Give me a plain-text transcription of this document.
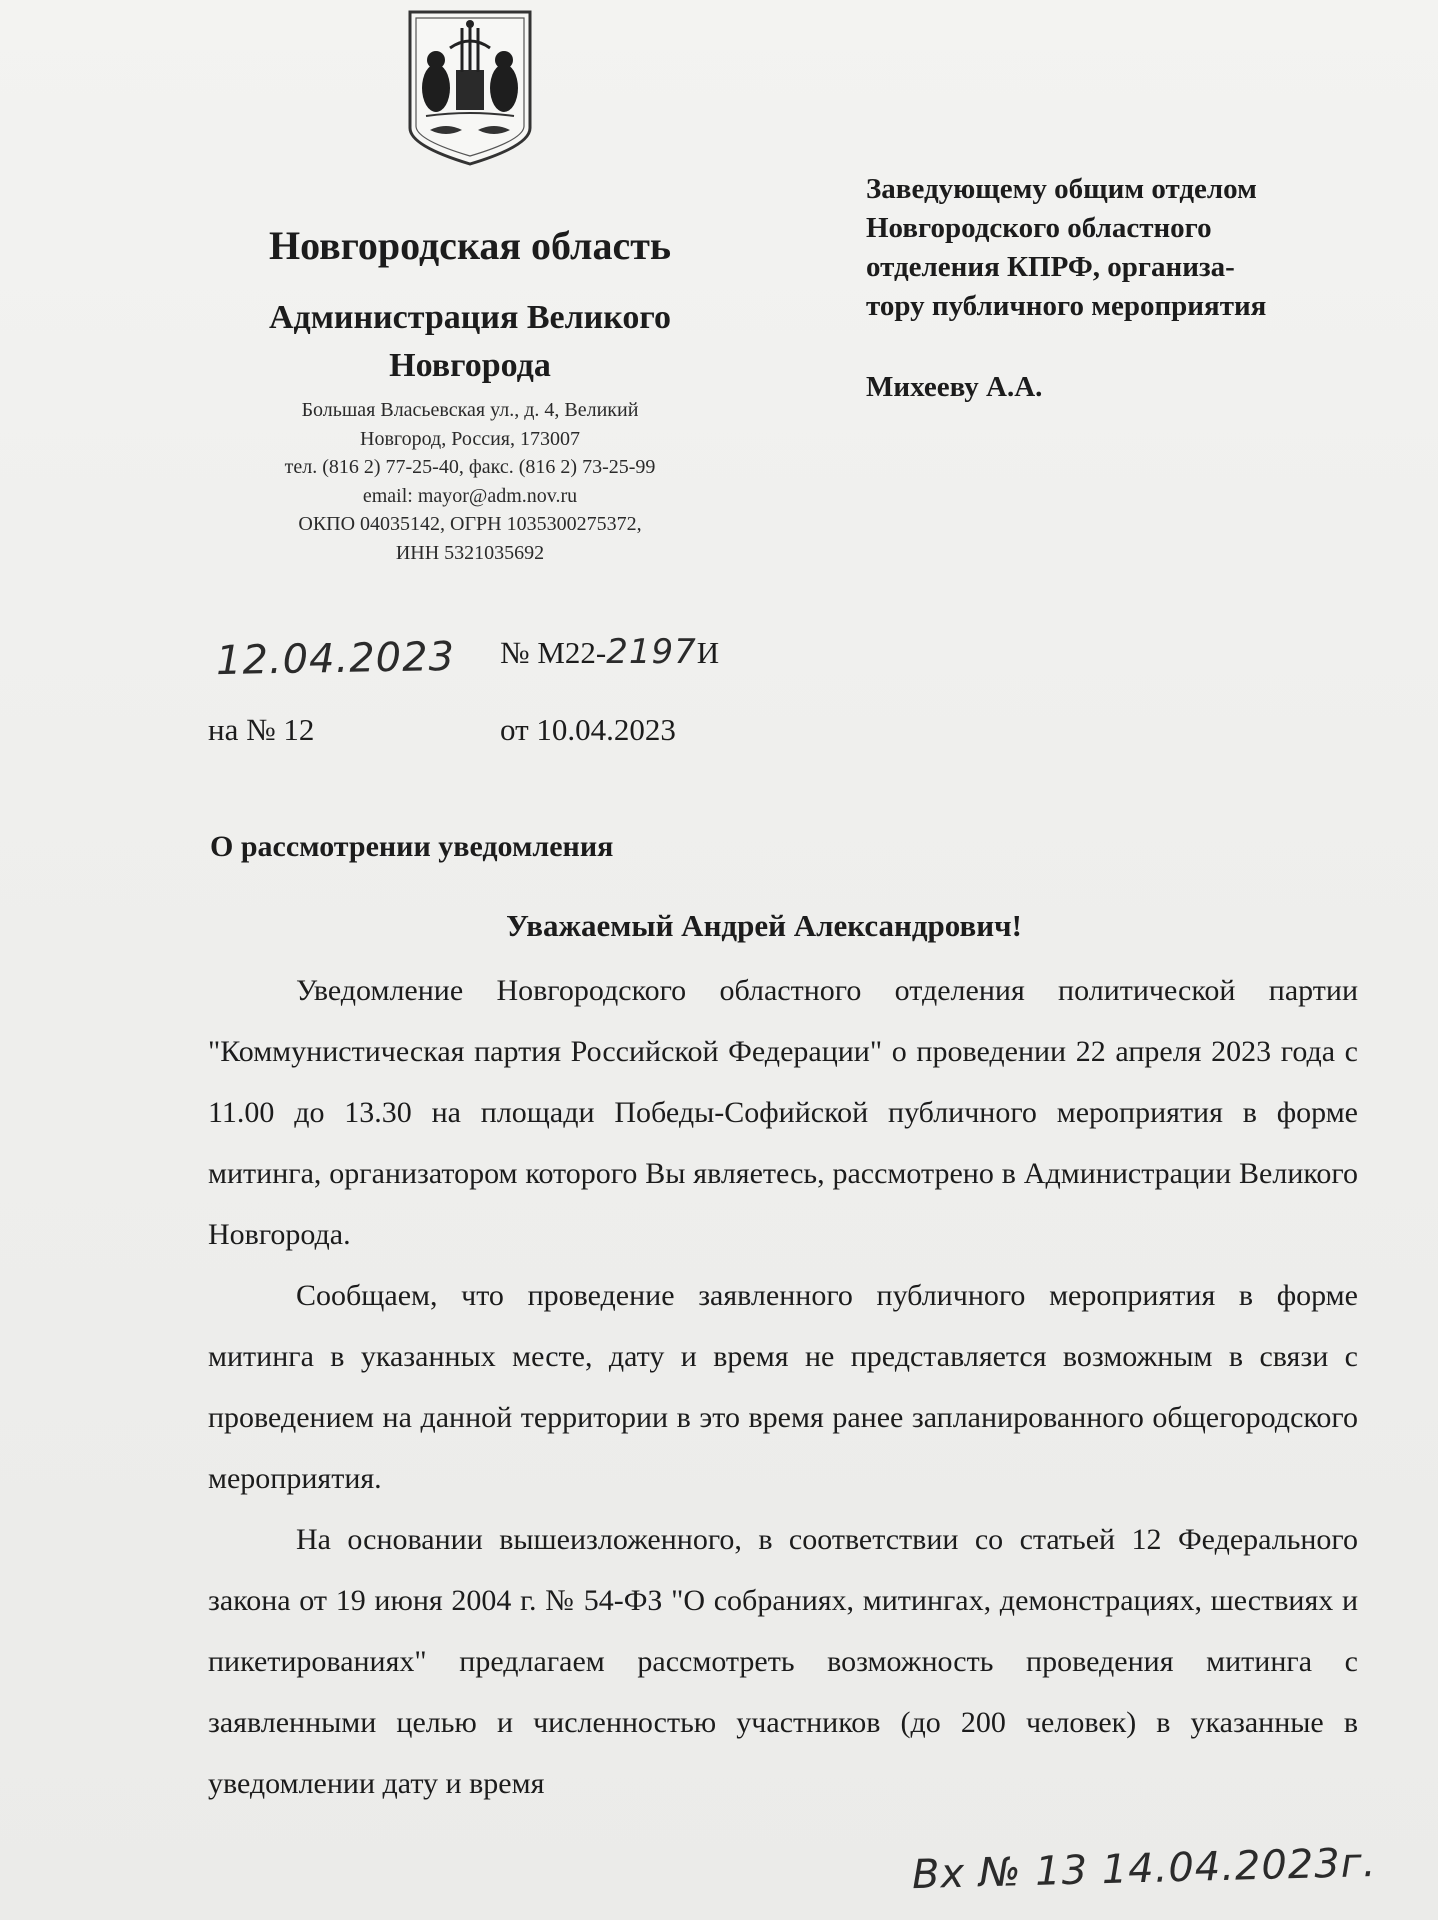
Новгородская область
Администрация Великого
Новгорода
Большая Власьевская ул., д. 4, Великий
Новгород, Россия, 173007
тел. (816 2) 77-25-40, факс. (816 2) 73-25-99
email: mayor@adm.nov.ru
ОКПО 04035142, ОГРН 1035300275372,
ИНН 5321035692
Заведующему общим отделом
Новгородского областного
отделения КПРФ, организа-
тору публичного мероприятия
Михееву А.А.
12.04.2023 № М22-2197И
на № 12	от 10.04.2023
О рассмотрении уведомления
Уважаемый Андрей Александрович!

Уведомление Новгородского областного отделения политической партии "Коммунистическая партия Российской Федерации" о проведении 22 апреля 2023 года с 11.00 до 13.30 на площади Победы-Софийской публичного мероприятия в форме митинга, организатором которого Вы являетесь, рассмотрено в Администрации Великого Новгорода.

Сообщаем, что проведение заявленного публичного мероприятия в форме митинга в указанных месте, дату и время не представляется возможным в связи с проведением на данной территории в это время ранее запланированного общегородского мероприятия.

На основании вышеизложенного, в соответствии со статьей 12 Федерального закона от 19 июня 2004 г. № 54-ФЗ "О собраниях, митингах, демонстрациях, шествиях и пикетированиях" предлагаем рассмотреть возможность проведения митинга с заявленными целью и численностью участников (до 200 человек) в указанные в уведомлении дату и время

Вх № 13 14.04.2023г.
